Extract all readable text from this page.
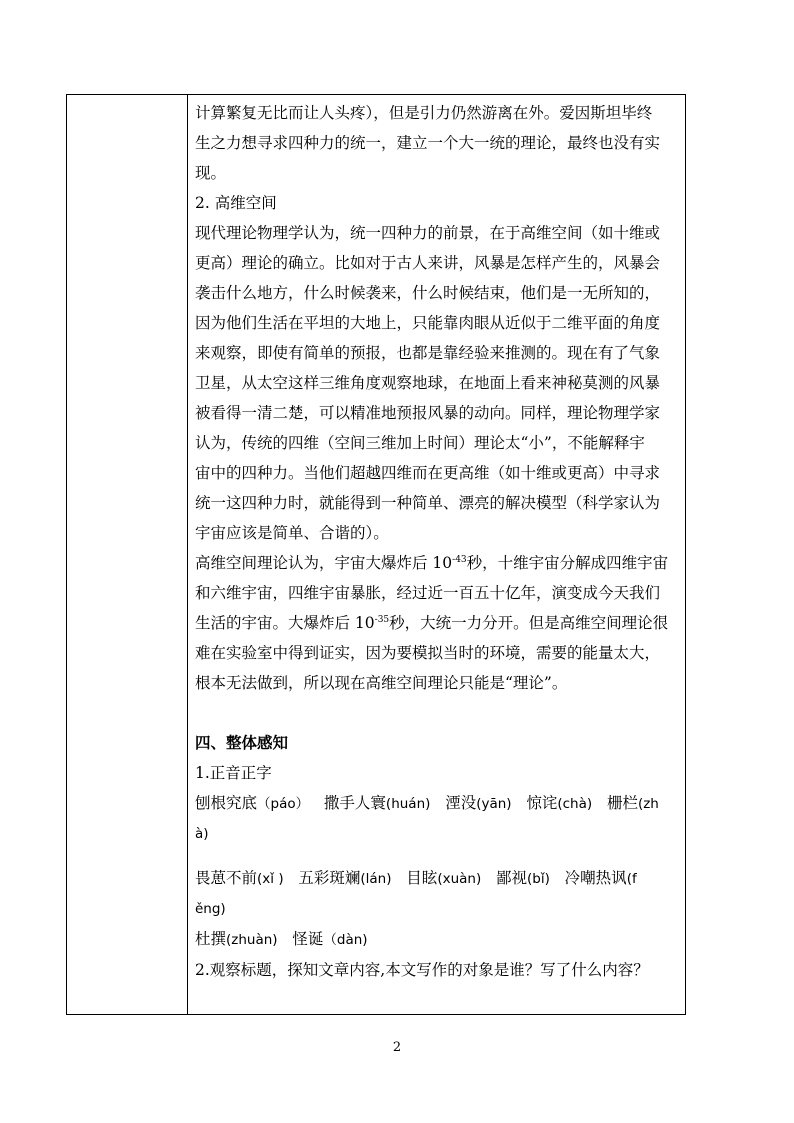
计算繁复无比而让人头疼），但是引力仍然游离在外。爱因斯坦毕终
生之力想寻求四种力的统一，建立一个大一统的理论，最终也没有实
现。

2. 高维空间

现代理论物理学认为，统一四种力的前景，在于高维空间（如十维或
更高）理论的确立。比如对于古人来讲，风暴是怎样产生的，风暴会
袭击什么地方，什么时候袭来，什么时候结束，他们是一无所知的，
因为他们生活在平坦的大地上，只能靠肉眼从近似于二维平面的角度
来观察，即使有简单的预报，也都是靠经验来推测的。现在有了气象
卫星，从太空这样三维角度观察地球，在地面上看来神秘莫测的风暴
被看得一清二楚，可以精准地预报风暴的动向。同样，理论物理学家
认为，传统的四维（空间三维加上时间）理论太“小”，不能解释宇
宙中的四种力。当他们超越四维而在更高维（如十维或更高）中寻求
统一这四种力时，就能得到一种简单、漂亮的解决模型（科学家认为
宇宙应该是简单、合谐的）。

高维空间理论认为，宇宙大爆炸后 $10^{-43}$秒，十维宇宙分解成四维宇宙
和六维宇宙，四维宇宙暴胀，经过近一百五十亿年，演变成今天我们
生活的宇宙。大爆炸后 $10^{-35}$秒，大统一力分开。但是高维空间理论很
难在实验室中得到证实，因为要模拟当时的环境，需要的能量太大，
根本无法做到，所以现在高维空间理论只能是“理论”。

四、整体感知

1.正音正字

刨根究底（páo） 撒手人寰(huán) 湮没(yān) 惊诧(chà) 栅栏(zh
à)

畏葸不前(xǐ ) 五彩斑斓(lán) 目眩(xuàn) 鄙视(bǐ) 冷嘲热讽(f
ěng)

杜撰(zhuàn) 怪诞（dàn)

2.观察标题，探知文章内容,本文写作的对象是谁？写了什么内容？

2
